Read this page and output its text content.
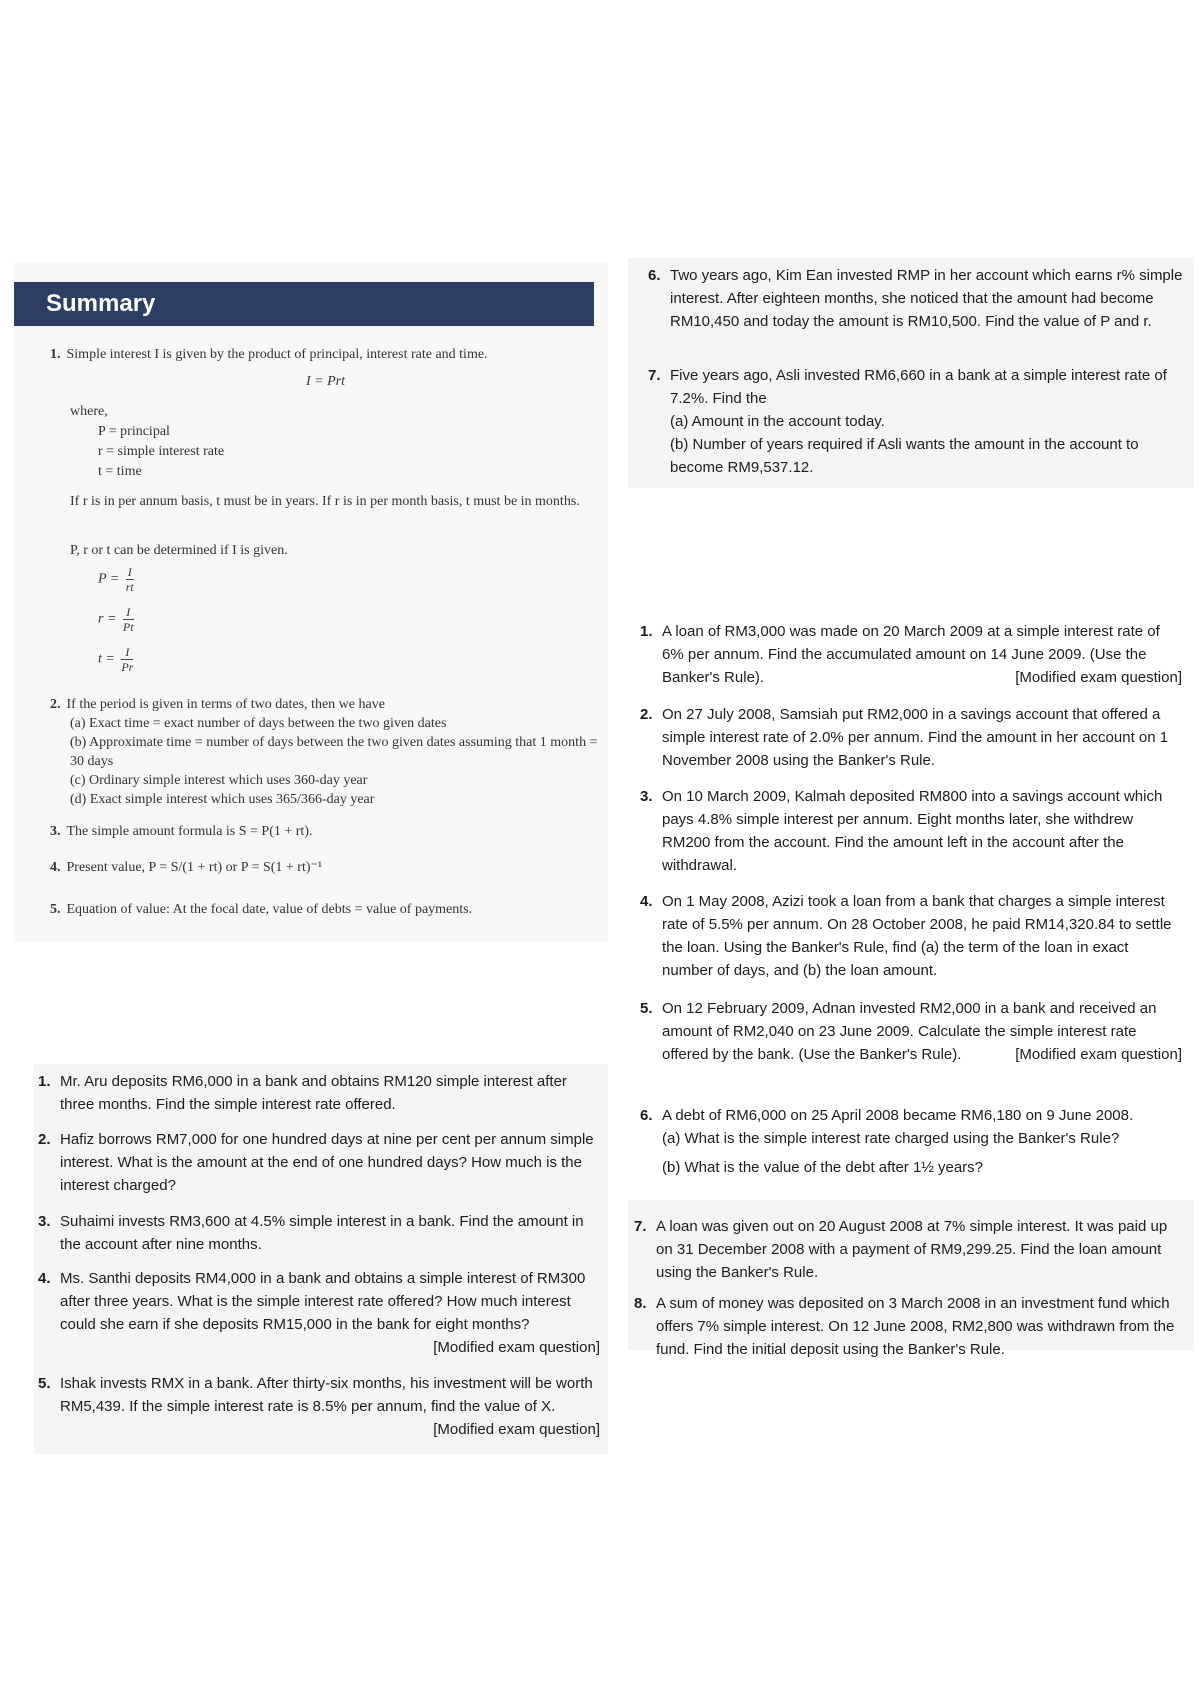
Summary
1. Simple interest I is given by the product of principal, interest rate and time.
I = Prt
where,
P = principal
r = simple interest rate
t = time
If r is in per annum basis, t must be in years. If r is in per month basis, t must be in months.
P, r or t can be determined if I is given.
$P = \frac{I}{rt}$
$r = \frac{I}{Pt}$
$t = \frac{I}{Pr}$
2. If the period is given in terms of two dates, then we have
(a) Exact time = exact number of days between the two given dates
(b) Approximate time = number of days between the two given dates assuming that 1 month = 30 days
(c) Ordinary simple interest which uses 360-day year
(d) Exact simple interest which uses 365/366-day year
3. The simple amount formula is S = P(1 + rt).
4. Present value, P = S/(1 + rt) or P = S(1 + rt)⁻¹
5. Equation of value: At the focal date, value of debts = value of payments.
6. Two years ago, Kim Ean invested RMP in her account which earns r% simple interest. After eighteen months, she noticed that the amount had become RM10,450 and today the amount is RM10,500. Find the value of P and r.
7. Five years ago, Asli invested RM6,660 in a bank at a simple interest rate of 7.2%. Find the
(a) Amount in the account today.
(b) Number of years required if Asli wants the amount in the account to become RM9,537.12.
1. A loan of RM3,000 was made on 20 March 2009 at a simple interest rate of 6% per annum. Find the accumulated amount on 14 June 2009. (Use the Banker's Rule).	[Modified exam question]
2. On 27 July 2008, Samsiah put RM2,000 in a savings account that offered a simple interest rate of 2.0% per annum. Find the amount in her account on 1 November 2008 using the Banker's Rule.
3. On 10 March 2009, Kalmah deposited RM800 into a savings account which pays 4.8% simple interest per annum. Eight months later, she withdrew RM200 from the account. Find the amount left in the account after the withdrawal.
4. On 1 May 2008, Azizi took a loan from a bank that charges a simple interest rate of 5.5% per annum. On 28 October 2008, he paid RM14,320.84 to settle the loan. Using the Banker's Rule, find (a) the term of the loan in exact number of days, and (b) the loan amount.
5. On 12 February 2009, Adnan invested RM2,000 in a bank and received an amount of RM2,040 on 23 June 2009. Calculate the simple interest rate offered by the bank. (Use the Banker's Rule).	[Modified exam question]
6. A debt of RM6,000 on 25 April 2008 became RM6,180 on 9 June 2008.
(a) What is the simple interest rate charged using the Banker's Rule?
(b) What is the value of the debt after 1½ years?
7. A loan was given out on 20 August 2008 at 7% simple interest. It was paid up on 31 December 2008 with a payment of RM9,299.25. Find the loan amount using the Banker's Rule.
8. A sum of money was deposited on 3 March 2008 in an investment fund which offers 7% simple interest. On 12 June 2008, RM2,800 was withdrawn from the fund. Find the initial deposit using the Banker's Rule.
1. Mr. Aru deposits RM6,000 in a bank and obtains RM120 simple interest after three months. Find the simple interest rate offered.
2. Hafiz borrows RM7,000 for one hundred days at nine per cent per annum simple interest. What is the amount at the end of one hundred days? How much is the interest charged?
3. Suhaimi invests RM3,600 at 4.5% simple interest in a bank. Find the amount in the account after nine months.
4. Ms. Santhi deposits RM4,000 in a bank and obtains a simple interest of RM300 after three years. What is the simple interest rate offered? How much interest could she earn if she deposits RM15,000 in the bank for eight months?
[Modified exam question]
5. Ishak invests RMX in a bank. After thirty-six months, his investment will be worth RM5,439. If the simple interest rate is 8.5% per annum, find the value of X.
[Modified exam question]
